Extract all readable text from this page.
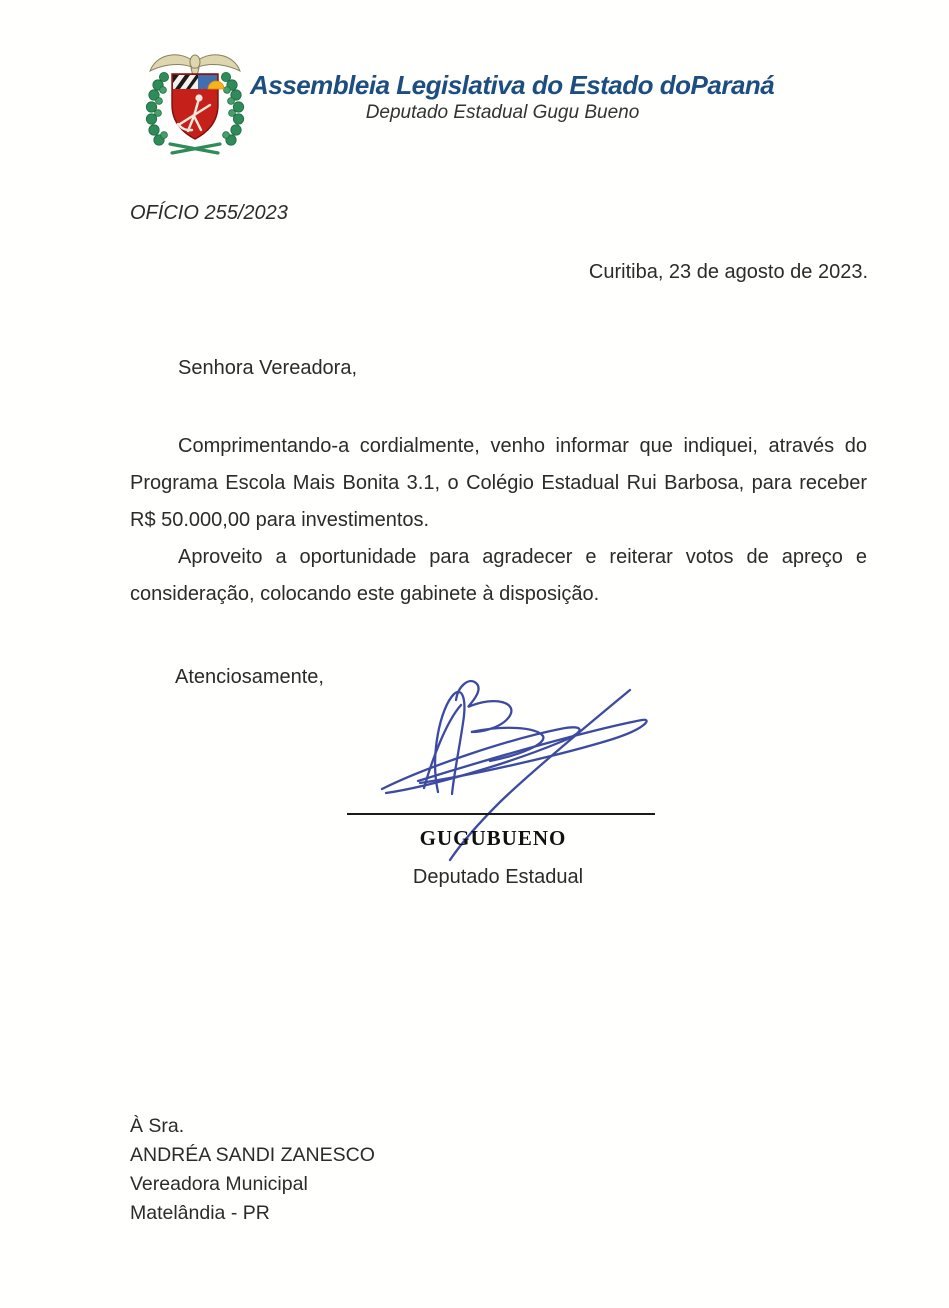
Assembleia Legislativa do Estado doParaná
Deputado Estadual Gugu Bueno
OFÍCIO 255/2023
Curitiba, 23 de agosto de 2023.
Senhora Vereadora,

Comprimentando-a cordialmente, venho informar que indiquei, através do Programa Escola Mais Bonita 3.1, o Colégio Estadual Rui Barbosa, para receber R$ 50.000,00 para investimentos.

Aproveito a oportunidade para agradecer e reiterar votos de apreço e consideração, colocando este gabinete à disposição.

Atenciosamente,
GUGUBUENO
Deputado Estadual
À Sra.
ANDRÉA SANDI ZANESCO
Vereadora Municipal
Matelândia - PR
